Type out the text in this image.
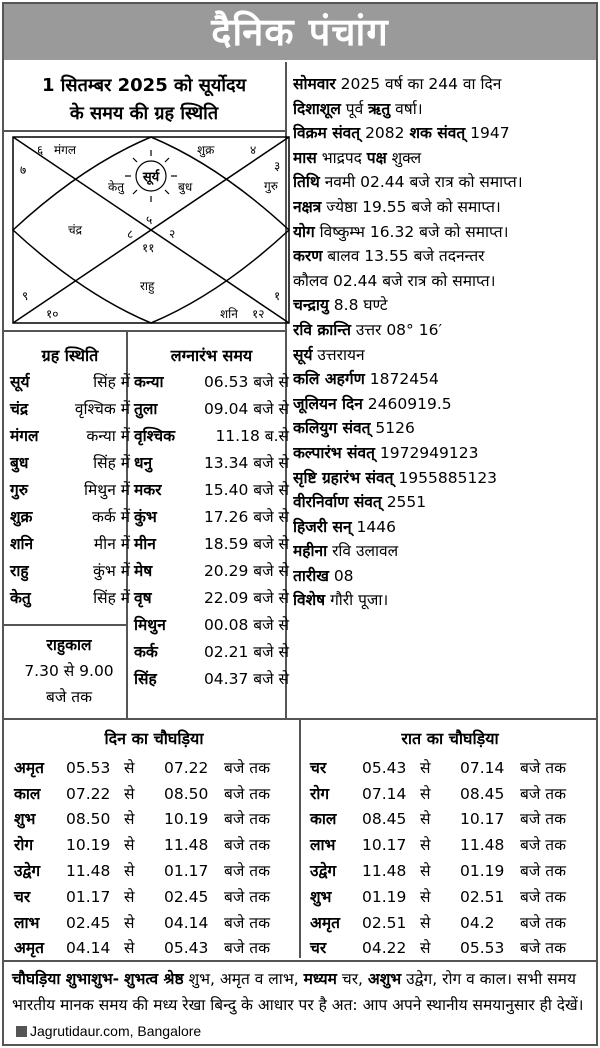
दैनिक पंचांग
1 सितम्बर 2025 को सूर्योदय
के समय की ग्रह स्थिति
सूर्य
६ मंगल	शुक्र	४
७	३
गुरु
केतु	बुध
चंद्र
५
८	२
११
राहु
९	१
१०	शनि १२
सोमवार 2025 वर्ष का 244 वा दिन
दिशाशूल पूर्व ऋतु वर्षा।
विक्रम संवत् 2082 शक संवत् 1947
मास भाद्रपद पक्ष शुक्ल
तिथि नवमी 02.44 बजे रात्र को समाप्त।
नक्षत्र ज्येष्ठा 19.55 बजे को समाप्त।
योग विष्कुम्भ 16.32 बजे को समाप्त।
करण बालव 13.55 बजे तदनन्तर
कौलव 02.44 बजे रात्र को समाप्त।
चन्द्रायु 8.8 घण्टे
रवि क्रान्ति उत्तर 08° 16′
सूर्य उत्तरायन
कलि अहर्गण 1872454
जूलियन दिन 2460919.5
कलियुग संवत् 5126
कल्पारंभ संवत् 1972949123
सृष्टि ग्रहारंभ संवत् 1955885123
वीरनिर्वाण संवत् 2551
हिजरी सन् 1446
महीना रवि उलावल
तारीख 08
विशेष गौरी पूजा।
ग्रह स्थिति
सूर्य	सिंह में
चंद्र	वृश्चिक में
मंगल	कन्या में
बुध	सिंह में
गुरु	मिथुन में
शुक्र	कर्क में
शनि	मीन में
राहु	कुंभ में
केतु	सिंह में
लग्नारंभ समय
कन्या	06.53 बजे से
तुला	09.04 बजे से
वृश्चिक	11.18 ब.से
धनु	13.34 बजे से
मकर	15.40 बजे से
कुंभ	17.26 बजे से
मीन	18.59 बजे से
मेष	20.29 बजे से
वृष	22.09 बजे से
मिथुन 00.08 बजे से
कर्क	02.21 बजे से
सिंह	04.37 बजे से
राहुकाल
7.30 से 9.00
बजे तक
दिन का चौघड़िया
अमृत	05.53 से	07.22	बजे तक
काल	07.22 से	08.50	बजे तक
शुभ	08.50 से	10.19	बजे तक
रोग	10.19 से	11.48	बजे तक
उद्वेग	11.48 से	01.17	बजे तक
चर	01.17 से	02.45	बजे तक
लाभ	02.45 से	04.14	बजे तक
अमृत	04.14 से	05.43	बजे तक
रात का चौघड़िया
चर	05.43 से	07.14	बजे तक
रोग	07.14 से	08.45	बजे तक
काल	08.45 से	10.17	बजे तक
लाभ	10.17 से	11.48	बजे तक
उद्वेग	11.48 से	01.19	बजे तक
शुभ	01.19 से	02.51	बजे तक
अमृत	02.51 से	04.2	बजे तक
चर	04.22 से	05.53	बजे तक
चौघड़िया शुभाशुभ- शुभत्व श्रेष्ठ शुभ, अमृत व लाभ, मध्यम चर, अशुभ उद्वेग, रोग व काल। सभी समय भारतीय मानक समय की मध्य रेखा बिन्दु के आधार पर है अत: आप अपने स्थानीय समयानुसार ही देखें।Jagrutidaur.com, Bangalore
